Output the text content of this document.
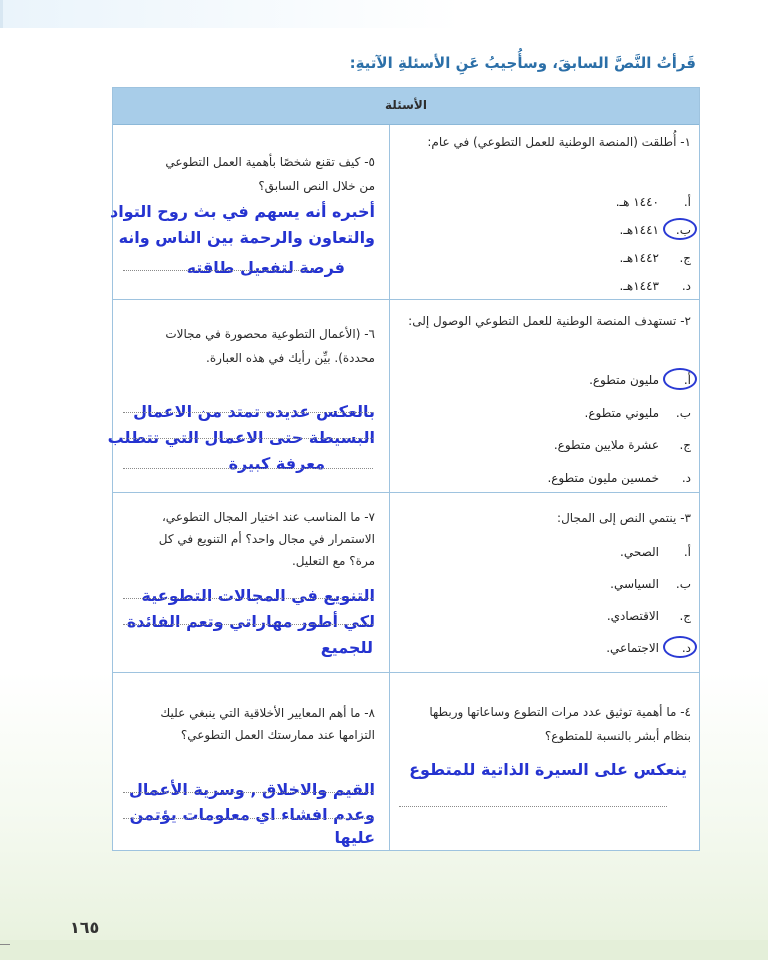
قَرأتُ النَّصَّ السابقَ، وسأُجيبُ عَنِ الأسئلةِ الآتيةِ:
الأسئلة
١- أُطلقت (المنصة الوطنية للعمل التطوعي) في عام:
أ.١٤٤٠ هـ.
ب.١٤٤١هـ.
ج.١٤٤٢هـ.
د.١٤٤٣هـ.
٥- كيف تقنع شخصًا بأهمية العمل التطوعي من خلال النص السابق؟
أخبره أنه يسهم في بث روح التواد
والتعاون والرحمة بين الناس وانه
فرصة لتفعيل طاقته
٢- تستهدف المنصة الوطنية للعمل التطوعي الوصول إلى:
أ.مليون متطوع.
ب.مليوني متطوع.
ج.عشرة ملايين متطوع.
د.خمسين مليون متطوع.
٦- (الأعمال التطوعية محصورة في مجالات محددة). بيِّن رأيك في هذه العبارة.
بالعكس عديده تمتد من الاعمال
البسيطة حتى الاعمال التي تتطلب
معرفة كبيرة
٣- ينتمي النص إلى المجال:
أ.الصحي.
ب.السياسي.
ج.الاقتصادي.
د.الاجتماعي.
٧- ما المناسب عند اختيار المجال التطوعي، الاستمرار في مجال واحد؟ أم التنويع في كل مرة؟ مع التعليل.
التنويع في المجالات التطوعية
لكي أطور مهاراتي وتعم الفائدة
للجميع
٤- ما أهمية توثيق عدد مرات التطوع وساعاتها وربطها بنظام أبشر بالنسبة للمتطوع؟
ينعكس على السيرة الذاتية للمتطوع
٨- ما أهم المعايير الأخلاقية التي ينبغي عليك التزامها عند ممارستك العمل التطوعي؟
القيم والاخلاق , وسرية الأعمال
وعدم افشاء اي معلومات يؤتمن
عليها
١٦٥
